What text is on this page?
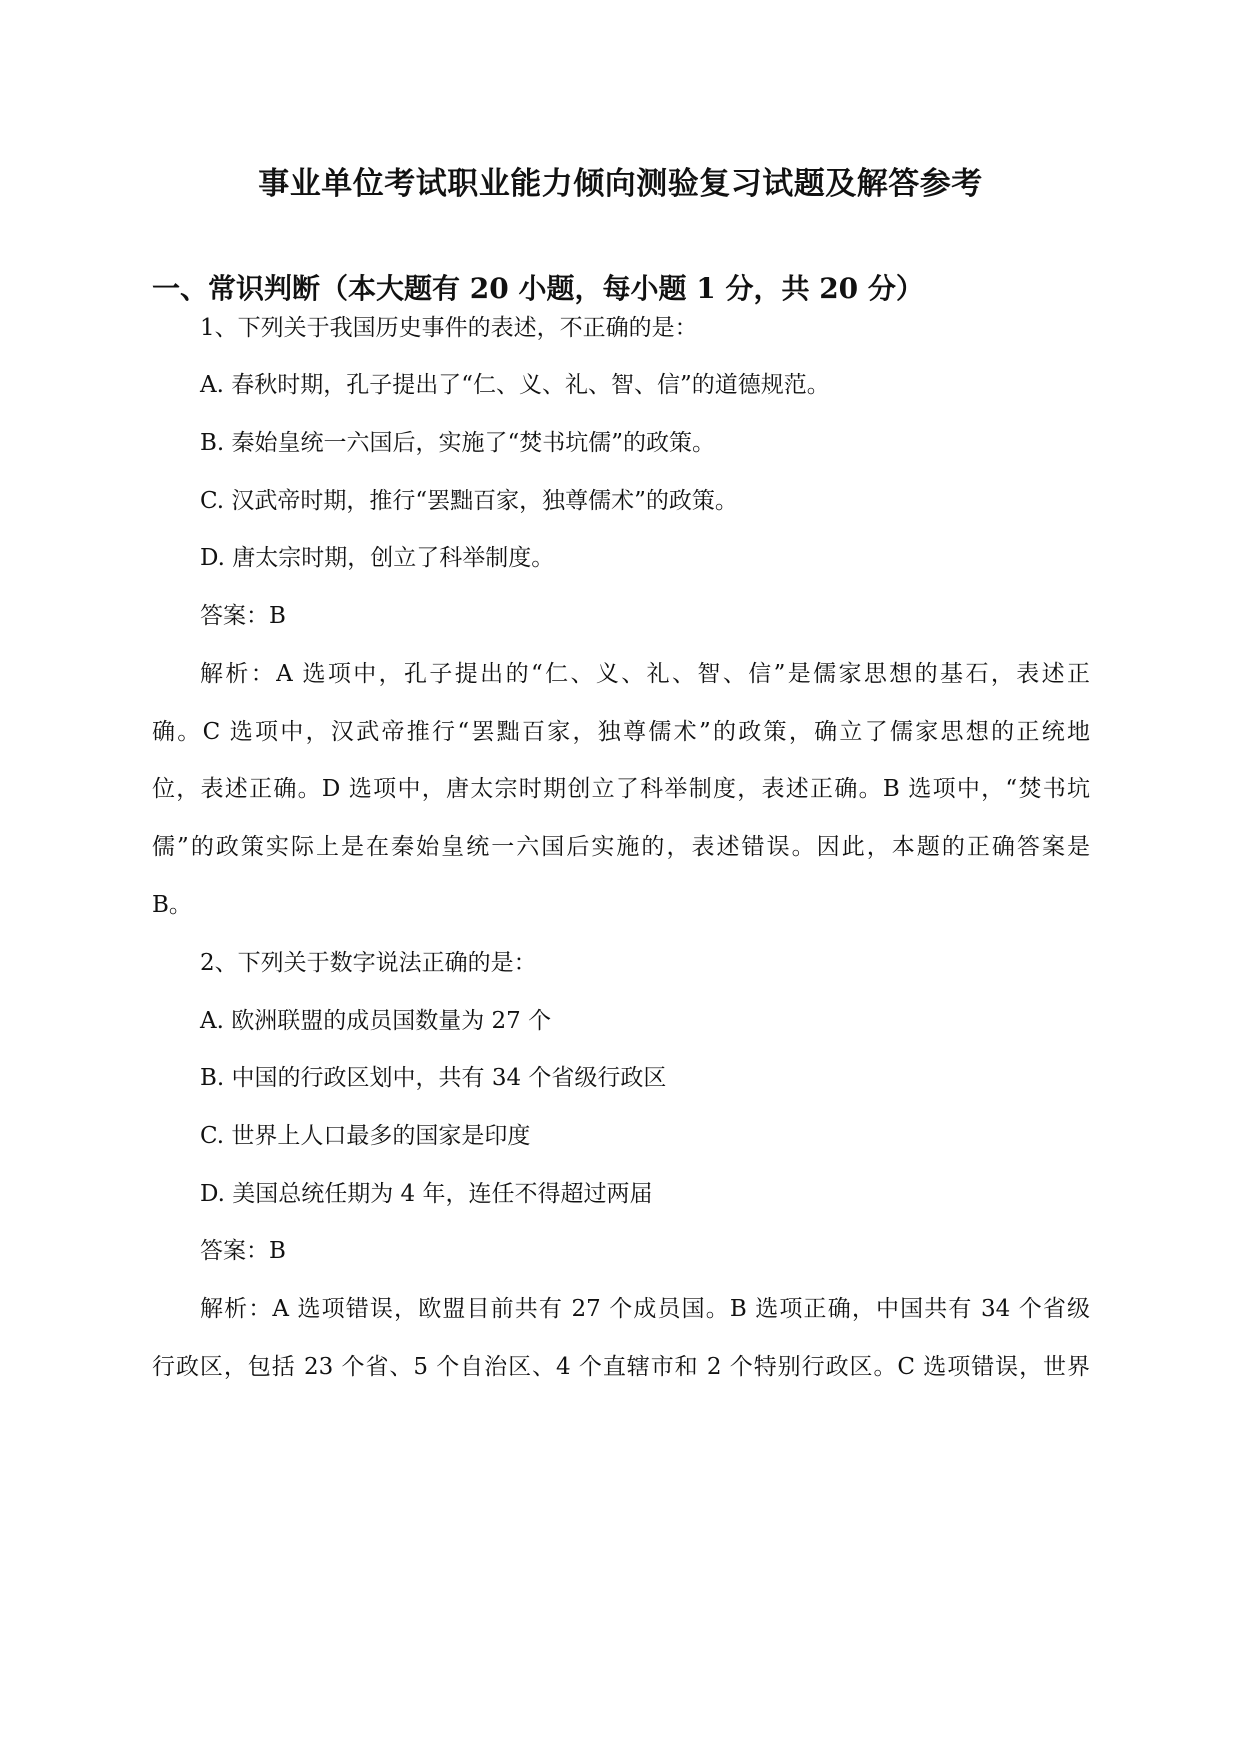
事业单位考试职业能力倾向测验复习试题及解答参考
一、常识判断（本大题有 20 小题，每小题 1 分，共 20 分）

1、下列关于我国历史事件的表述，不正确的是：

A. 春秋时期，孔子提出了“仁、义、礼、智、信”的道德规范。

B. 秦始皇统一六国后，实施了“焚书坑儒”的政策。

C. 汉武帝时期，推行“罢黜百家，独尊儒术”的政策。

D. 唐太宗时期，创立了科举制度。

答案：B

解析：A 选项中，孔子提出的“仁、义、礼、智、信”是儒家思想的基石，表述正

确。C 选项中，汉武帝推行“罢黜百家，独尊儒术”的政策，确立了儒家思想的正统地

位，表述正确。D 选项中，唐太宗时期创立了科举制度，表述正确。B 选项中，“焚书坑

儒”的政策实际上是在秦始皇统一六国后实施的，表述错误。因此，本题的正确答案是

B。

2、下列关于数字说法正确的是：

A. 欧洲联盟的成员国数量为 27 个

B. 中国的行政区划中，共有 34 个省级行政区

C. 世界上人口最多的国家是印度

D. 美国总统任期为 4 年，连任不得超过两届

答案：B

解析：A 选项错误，欧盟目前共有 27 个成员国。B 选项正确，中国共有 34 个省级

行政区，包括 23 个省、5 个自治区、4 个直辖市和 2 个特别行政区。C 选项错误，世界
